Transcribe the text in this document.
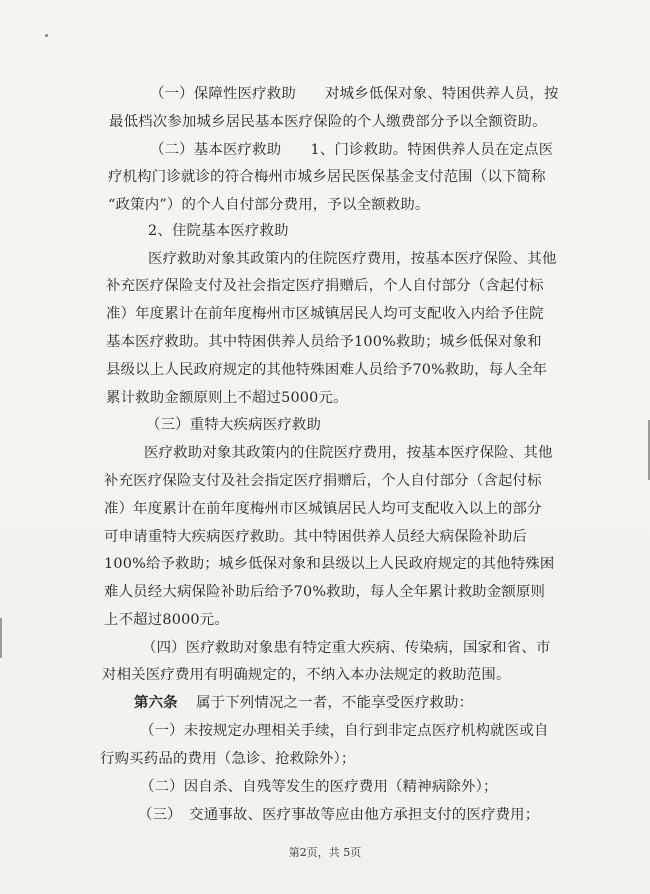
（一）保障性医疗救助　　对城乡低保对象、特困供养人员，按
最低档次参加城乡居民基本医疗保险的个人缴费部分予以全额资助。
（二）基本医疗救助　　1、门诊救助。特困供养人员在定点医
疗机构门诊就诊的符合梅州市城乡居民医保基金支付范围（以下简称
“政策内”）的个人自付部分费用，予以全额救助。
2、住院基本医疗救助
医疗救助对象其政策内的住院医疗费用，按基本医疗保险、其他
补充医疗保险支付及社会指定医疗捐赠后，个人自付部分（含起付标
准）年度累计在前年度梅州市区城镇居民人均可支配收入内给予住院
基本医疗救助。其中特困供养人员给予100%救助；城乡低保对象和
县级以上人民政府规定的其他特殊困难人员给予70%救助，每人全年
累计救助金额原则上不超过5000元。
（三）重特大疾病医疗救助
医疗救助对象其政策内的住院医疗费用，按基本医疗保险、其他
补充医疗保险支付及社会指定医疗捐赠后，个人自付部分（含起付标
准）年度累计在前年度梅州市区城镇居民人均可支配收入以上的部分
可申请重特大疾病医疗救助。其中特困供养人员经大病保险补助后
100%给予救助；城乡低保对象和县级以上人民政府规定的其他特殊困
难人员经大病保险补助后给予70%救助，每人全年累计救助金额原则
上不超过8000元。
（四）医疗救助对象患有特定重大疾病、传染病，国家和省、市
对相关医疗费用有明确规定的，不纳入本办法规定的救助范围。
第六条 属于下列情况之一者，不能享受医疗救助：
（一）未按规定办理相关手续，自行到非定点医疗机构就医或自
行购买药品的费用（急诊、抢救除外）；
（二）因自杀、自残等发生的医疗费用（精神病除外）；
（三）　交通事故、医疗事故等应由他方承担支付的医疗费用；
第2页，共 5页
